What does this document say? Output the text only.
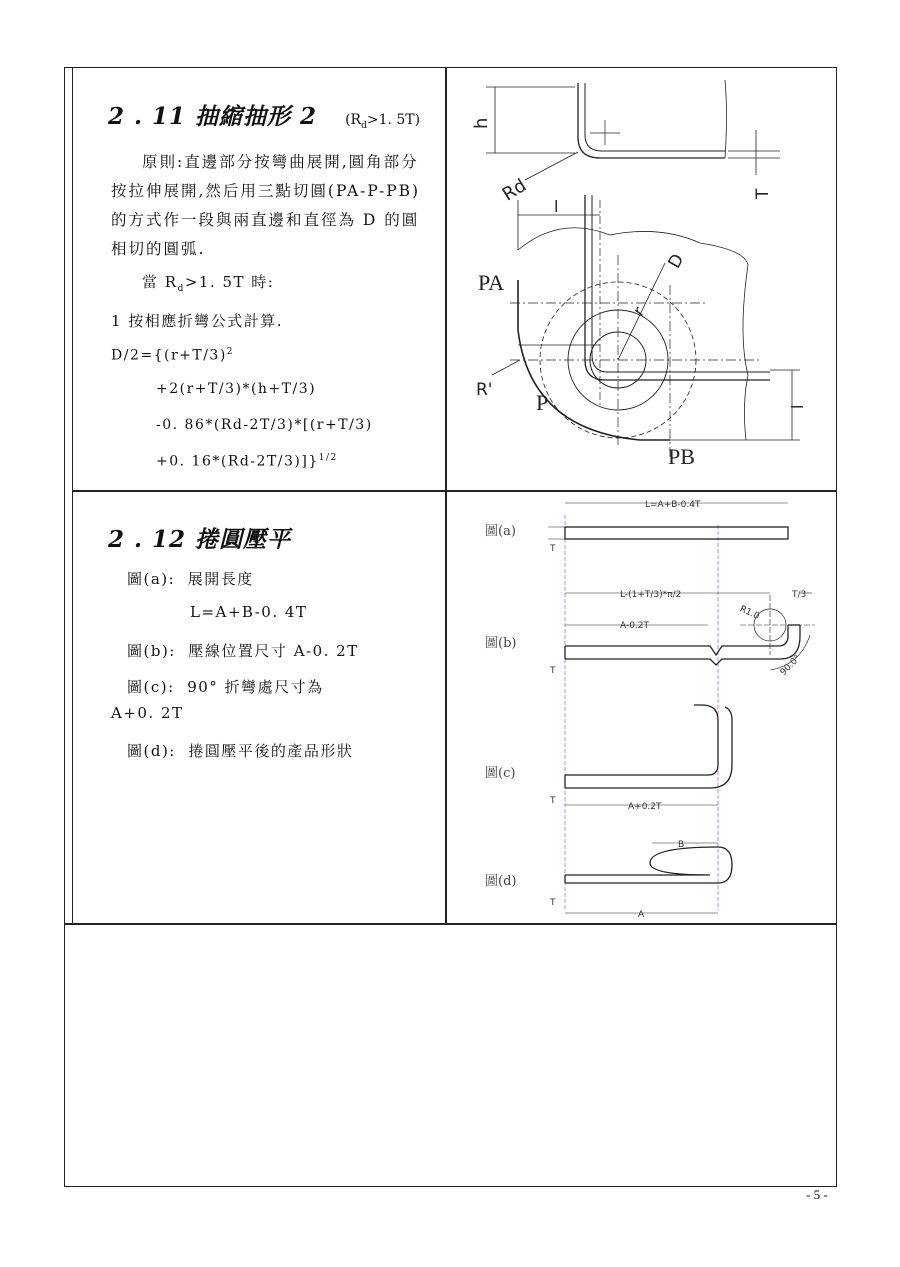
2 . 11 抽縮抽形 2 ($R_d>1$. 5T)
原則:直邊部分按彎曲展開,圓角部分按拉伸展開,然后用三點切圓(PA-P-PB)的方式作一段與兩直邊和直徑為 D 的圓相切的圓弧.
當 $R_d>1$. 5T 時:
1 按相應折彎公式計算.
$D/2=\{(r+T/3)^2$
+2(r+T/3)*(h+T/3)
-0. 86*(Rd-2T/3)*[(r+T/3)
+0. 16*(Rd-2T/3)]}$^{1/2}$
h
T
Rd
l
D
PA
r
R' P	l
PB
2 . 12 捲圓壓平
圖(a): 展開長度
L=A+B-0. 4T
圖(b): 壓線位置尺寸 A-0. 2T
圖(c): 90° 折彎處尺寸為
A+0. 2T
圖(d): 捲圓壓平後的產品形狀
L=A+B-0.4T
L-(1+T/3)*π/2	T/3
R1.0
A-0.2T
90.0°
A+0.2T
B
A
T
T
T
T
圖(a)
圖(b)
圖(c)
圖(d)
- 5 -
